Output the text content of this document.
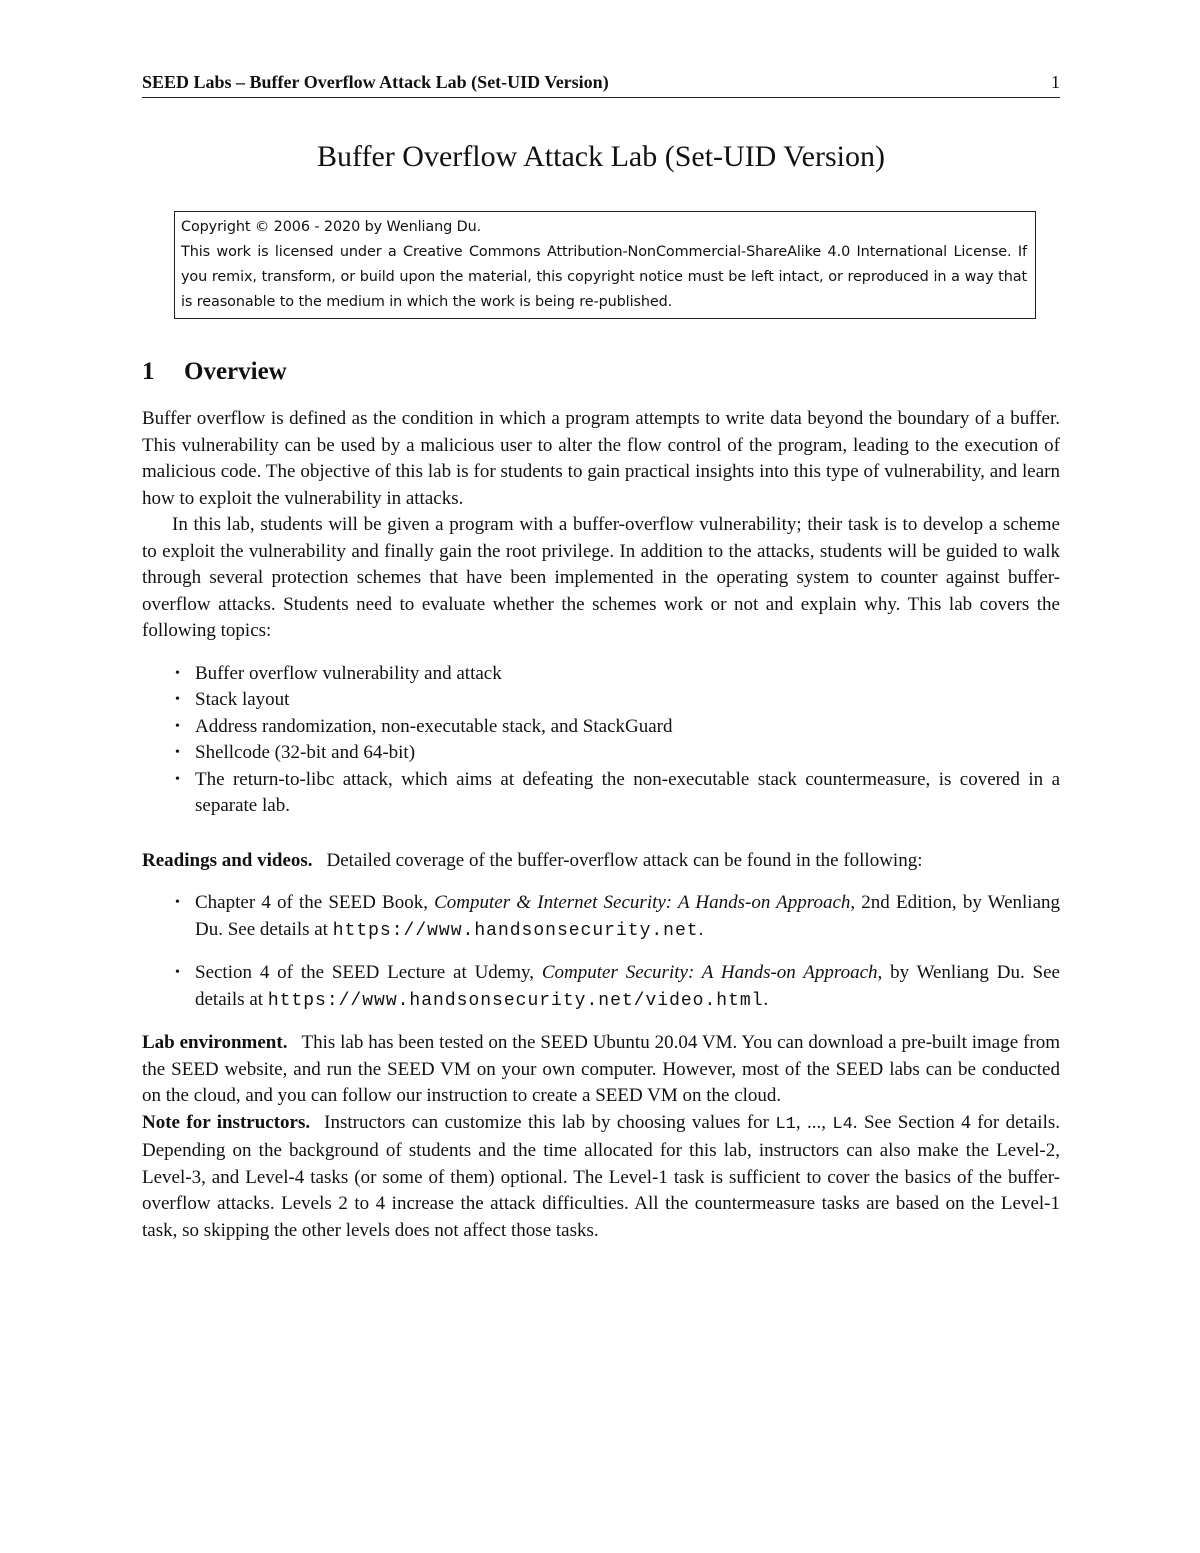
SEED Labs – Buffer Overflow Attack Lab (Set-UID Version)	1
Buffer Overflow Attack Lab (Set-UID Version)

Copyright © 2006 - 2020 by Wenliang Du.

This work is licensed under a Creative Commons Attribution-NonCommercial-ShareAlike 4.0 International License. If you remix, transform, or build upon the material, this copyright notice must be left intact, or reproduced in a way that is reasonable to the medium in which the work is being re-published.

1 Overview

Buffer overflow is defined as the condition in which a program attempts to write data beyond the boundary of a buffer. This vulnerability can be used by a malicious user to alter the flow control of the program, leading to the execution of malicious code. The objective of this lab is for students to gain practical insights into this type of vulnerability, and learn how to exploit the vulnerability in attacks.

In this lab, students will be given a program with a buffer-overflow vulnerability; their task is to develop a scheme to exploit the vulnerability and finally gain the root privilege. In addition to the attacks, students will be guided to walk through several protection schemes that have been implemented in the operating system to counter against buffer-overflow attacks. Students need to evaluate whether the schemes work or not and explain why. This lab covers the following topics:

• Buffer overflow vulnerability and attack
• Stack layout
• Address randomization, non-executable stack, and StackGuard
• Shellcode (32-bit and 64-bit)
• The return-to-libc attack, which aims at defeating the non-executable stack countermeasure, is covered in a separate lab.

Readings and videos. Detailed coverage of the buffer-overflow attack can be found in the following:

• Chapter 4 of the SEED Book, Computer & Internet Security: A Hands-on Approach, 2nd Edition, by Wenliang Du. See details at https://www.handsonsecurity.net.
• Section 4 of the SEED Lecture at Udemy, Computer Security: A Hands-on Approach, by Wenliang Du. See details at https://www.handsonsecurity.net/video.html.

Lab environment. This lab has been tested on the SEED Ubuntu 20.04 VM. You can download a pre-built image from the SEED website, and run the SEED VM on your own computer. However, most of the SEED labs can be conducted on the cloud, and you can follow our instruction to create a SEED VM on the cloud.

Note for instructors. Instructors can customize this lab by choosing values for L1, ..., L4. See Section 4 for details. Depending on the background of students and the time allocated for this lab, instructors can also make the Level-2, Level-3, and Level-4 tasks (or some of them) optional. The Level-1 task is sufficient to cover the basics of the buffer-overflow attacks. Levels 2 to 4 increase the attack difficulties. All the countermeasure tasks are based on the Level-1 task, so skipping the other levels does not affect those tasks.
